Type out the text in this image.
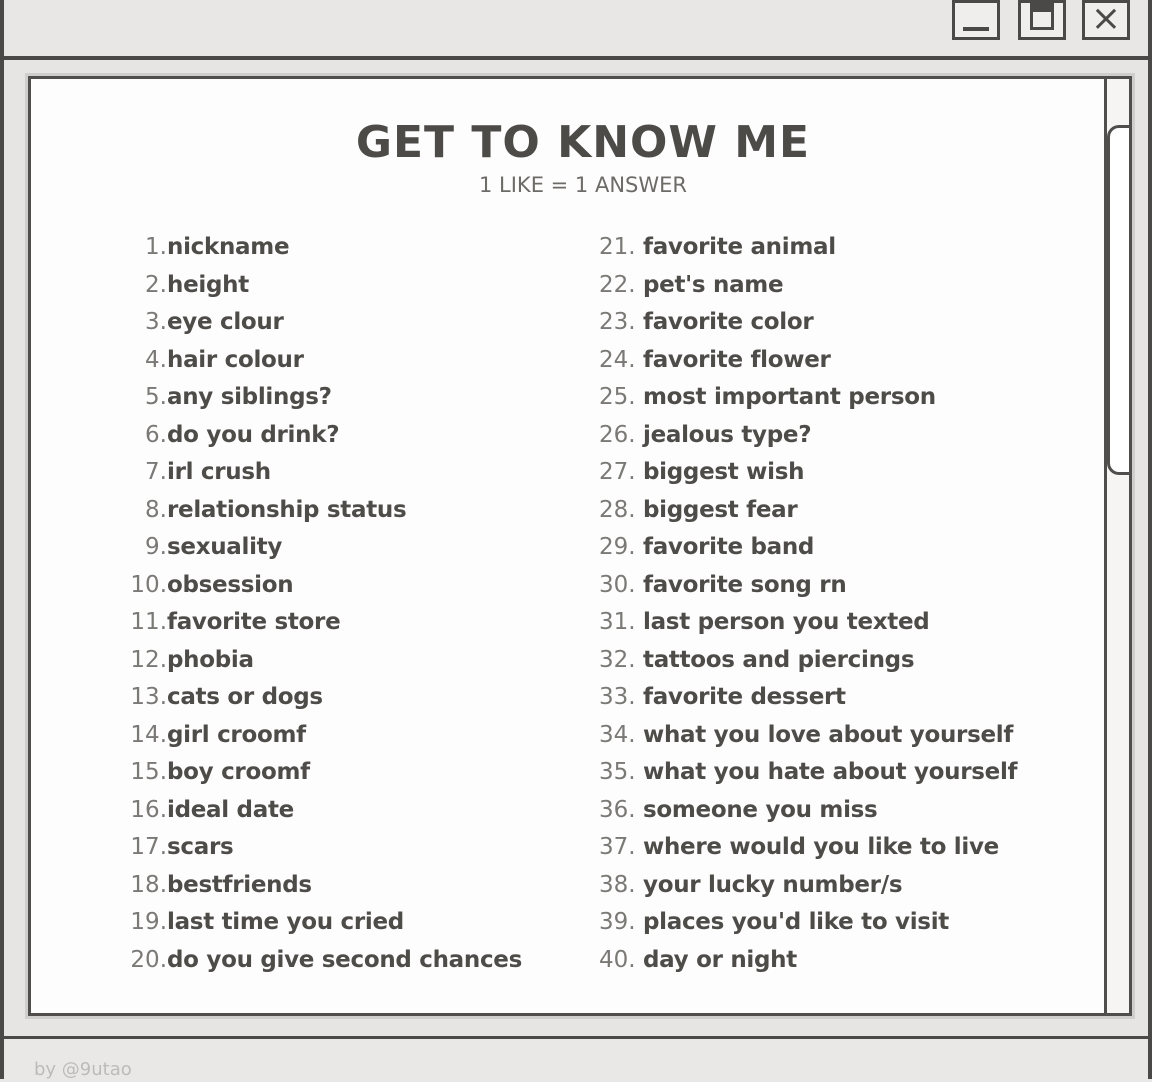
×
GET TO KNOW ME
1 LIKE = 1 ANSWER
1.nickname
2.height
3.eye clour
4.hair colour
5.any siblings?
6.do you drink?
7.irl crush
8.relationship status
9.sexuality
10.obsession
11.favorite store
12.phobia
13.cats or dogs
14.girl croomf
15.boy croomf
16.ideal date
17.scars
18.bestfriends
19.last time you cried
20.do you give second chances
21. favorite animal
22. pet's name
23. favorite color
24. favorite flower
25. most important person
26. jealous type?
27. biggest wish
28. biggest fear
29. favorite band
30. favorite song rn
31. last person you texted
32. tattoos and piercings
33. favorite dessert
34. what you love about yourself
35. what you hate about yourself
36. someone you miss
37. where would you like to live
38. your lucky number/s
39. places you'd like to visit
40. day or night
by @9utao
